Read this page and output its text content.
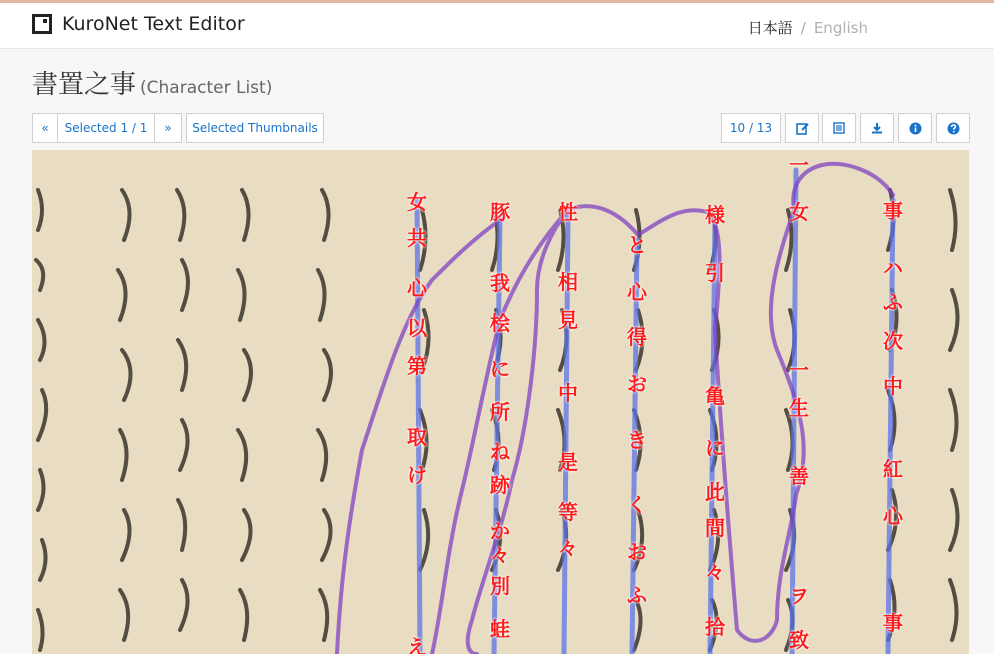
KuroNet Text Editor	日本語 / English
書置之事 (Character List)
«	Selected 1 / 1	»	Selected Thumbnails	10 / 13
事
ハ
ふ
次
中
紅
心
事
一
女
一
生
善
ヲ
致
様
引
亀
に
此
間
々
拾
と
心
得
お
き
く
お
ふ
性
相
見
中
是
等
々
豚
我
桧
に
所
ね
跡
か
々
別
蛙
女
共
心
以
第
取
け
え
